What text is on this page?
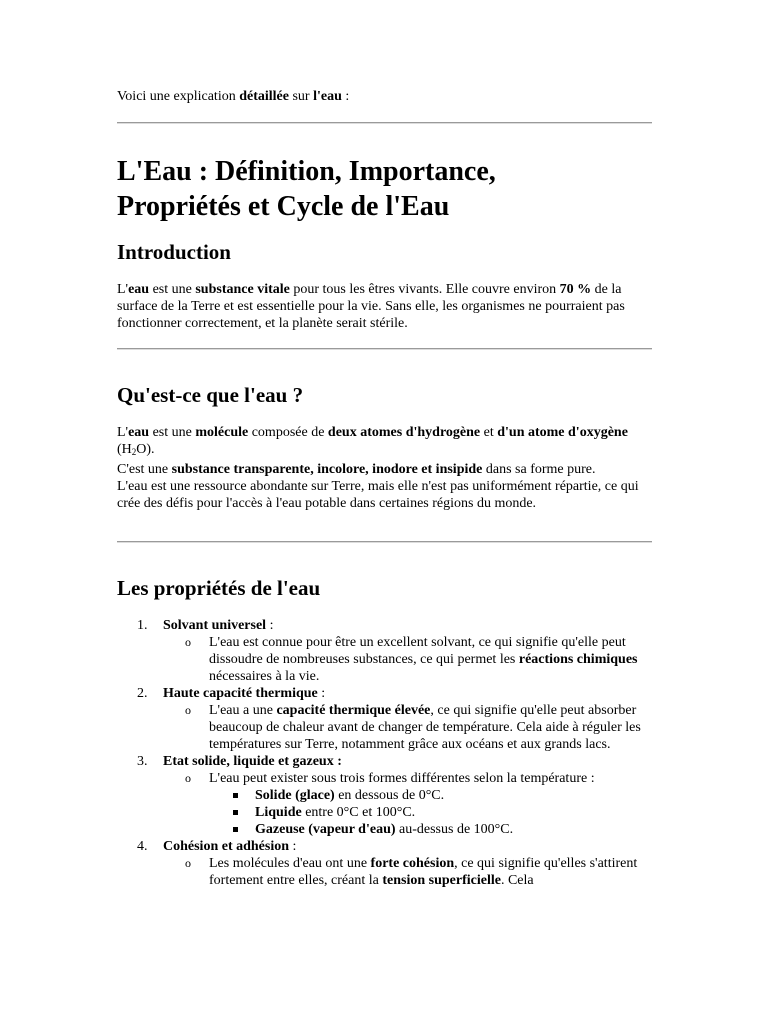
Voici une explication détaillée sur l'eau :
L'Eau : Définition, Importance,
Propriétés et Cycle de l'Eau
Introduction

L'eau est une substance vitale pour tous les êtres vivants. Elle couvre environ 70 % de la surface de la Terre et est essentielle pour la vie. Sans elle, les organismes ne pourraient pas fonctionner correctement, et la planète serait stérile.

Qu'est-ce que l'eau ?

L'eau est une molécule composée de deux atomes d'hydrogène et d'un atome d'oxygène $(H_2O)$.
C'est une substance transparente, incolore, inodore et insipide dans sa forme pure.
L'eau est une ressource abondante sur Terre, mais elle n'est pas uniformément répartie, ce qui crée des défis pour l'accès à l'eau potable dans certaines régions du monde.

Les propriétés de l'eau
1. Solvant universel :
o L'eau est connue pour être un excellent solvant, ce qui signifie qu'elle peut dissoudre de nombreuses substances, ce qui permet les réactions chimiques nécessaires à la vie.
2. Haute capacité thermique :
o L'eau a une capacité thermique élevée, ce qui signifie qu'elle peut absorber beaucoup de chaleur avant de changer de température. Cela aide à réguler les températures sur Terre, notamment grâce aux océans et aux grands lacs.
3. Etat solide, liquide et gazeux :
o L'eau peut exister sous trois formes différentes selon la température :
Solide (glace) en dessous de 0°C.
Liquide entre 0°C et 100°C.
Gazeuse (vapeur d'eau) au-dessus de 100°C.
4. Cohésion et adhésion :
o Les molécules d'eau ont une forte cohésion, ce qui signifie qu'elles s'attirent fortement entre elles, créant la tension superficielle. Cela
